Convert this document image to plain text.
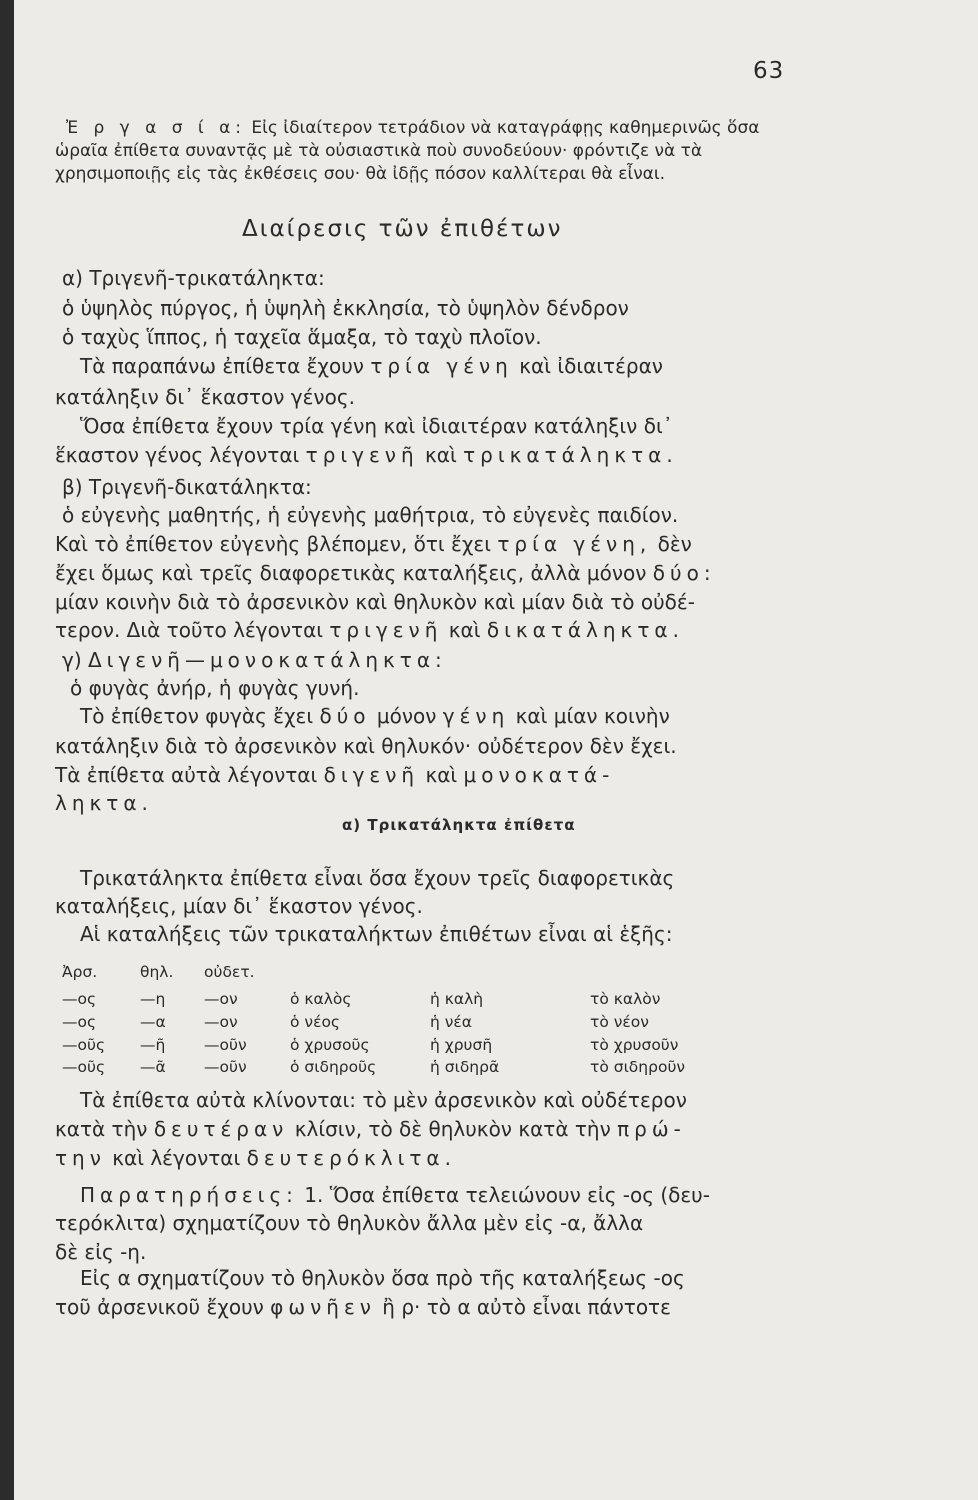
63
Ἐ ρ γ α σ ί α: Εἰς ἰδιαίτερον τετράδιον νὰ καταγράφῃς καθημερινῶς ὅσα
ὡραῖα ἐπίθετα συναντᾷς μὲ τὰ οὐσιαστικὰ ποὺ συνοδεύουν· φρόντιζε νὰ τὰ
χρησιμοποιῇς εἰς τὰς ἐκθέσεις σου· θὰ ἰδῇς πόσον καλλίτεραι θὰ εἶναι.
Διαίρεσις τῶν ἐπιθέτων
α) Τριγενῆ-τρικατάληκτα:
ὁ ὑψηλὸς πύργος, ἡ ὑψηλὴ ἐκκλησία, τὸ ὑψηλὸν δένδρον
ὁ ταχὺς ἵππος, ἡ ταχεῖα ἅμαξα, τὸ ταχὺ πλοῖον.
Τὰ παραπάνω ἐπίθετα ἔχουν τρία γένη καὶ ἰδιαιτέραν
κατάληξιν δι᾽ ἕκαστον γένος.
Ὅσα ἐπίθετα ἔχουν τρία γένη καὶ ἰδιαιτέραν κατάληξιν δι᾽
ἕκαστον γένος λέγονται τριγενῆ καὶ τρικατάληκτα.
β) Τριγενῆ-δικατάληκτα:
ὁ εὐγενὴς μαθητής, ἡ εὐγενὴς μαθήτρια, τὸ εὐγενὲς παιδίον.
Καὶ τὸ ἐπίθετον εὐγενὴς βλέπομεν, ὅτι ἔχει τρία γένη, δὲν
ἔχει ὅμως καὶ τρεῖς διαφορετικὰς καταλήξεις, ἀλλὰ μόνον δύο:
μίαν κοινὴν διὰ τὸ ἀρσενικὸν καὶ θηλυκὸν καὶ μίαν διὰ τὸ οὐδέ-
τερον. Διὰ τοῦτο λέγονται τριγενῆ καὶ δικατάληκτα.
γ) Διγενῆ—μονοκατάληκτα:
ὁ φυγὰς ἀνήρ, ἡ φυγὰς γυνή.
Τὸ ἐπίθετον φυγὰς ἔχει δύο μόνον γένη καὶ μίαν κοινὴν
κατάληξιν διὰ τὸ ἀρσενικὸν καὶ θηλυκόν· οὐδέτερον δὲν ἔχει.
Τὰ ἐπίθετα αὐτὰ λέγονται διγενῆ καὶ μονοκατά-
ληκτα.
α) Τρικατάληκτα ἐπίθετα
Τρικατάληκτα ἐπίθετα εἶναι ὅσα ἔχουν τρεῖς διαφορετικὰς
καταλήξεις, μίαν δι᾽ ἕκαστον γένος.
Αἱ καταλήξεις τῶν τρικαταλήκτων ἐπιθέτων εἶναι αἱ ἑξῆς:
Ἀρσ.	θηλ. οὐδετ.
—ος	—η —ον	ὁ καλὸς	ἡ καλὴ	τὸ καλὸν
—ος	—α —ον	ὁ νέος	ἡ νέα	τὸ νέον
—οῦς —ῆ —οῦν	ὁ χρυσοῦς	ἡ χρυσῆ	τὸ χρυσοῦν
—οῦς —ᾶ —οῦν	ὁ σιδηροῦς	ἡ σιδηρᾶ	τὸ σιδηροῦν
Τὰ ἐπίθετα αὐτὰ κλίνονται: τὸ μὲν ἀρσενικὸν καὶ οὐδέτερον
κατὰ τὴν δευτέραν κλίσιν, τὸ δὲ θηλυκὸν κατὰ τὴν πρώ-
την καὶ λέγονται δευτερόκλιτα.
Παρατηρήσεις: 1. Ὅσα ἐπίθετα τελειώνουν εἰς -ος (δευ-
τερόκλιτα) σχηματίζουν τὸ θηλυκὸν ἄλλα μὲν εἰς -α, ἄλλα
δὲ εἰς -η.
Εἰς α σχηματίζουν τὸ θηλυκὸν ὅσα πρὸ τῆς καταλήξεως -ος
τοῦ ἀρσενικοῦ ἔχουν φωνῆεν ἢ ρ· τὸ α αὐτὸ εἶναι πάντοτε
